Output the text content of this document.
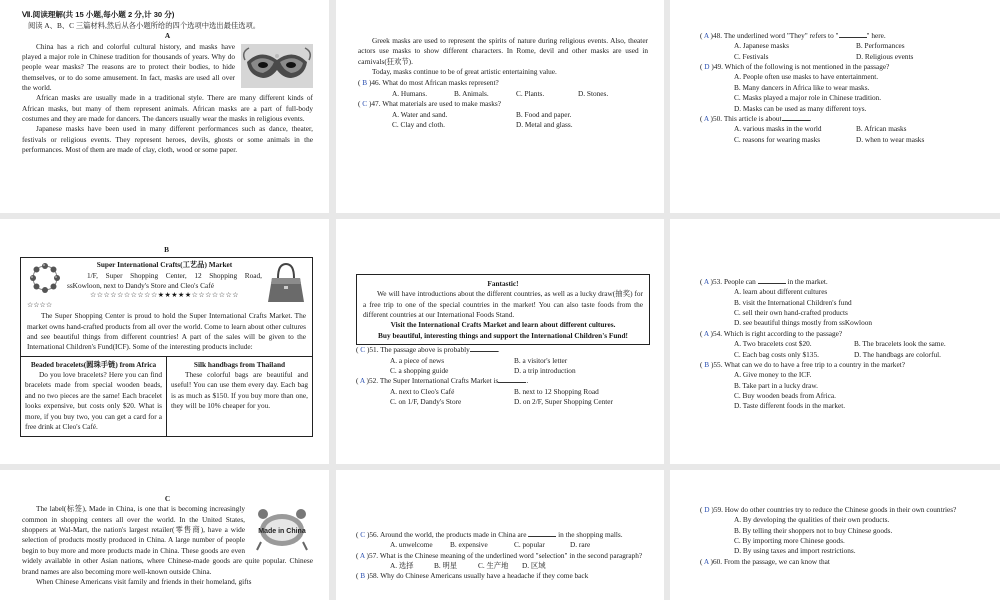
Ⅶ.阅读理解(共 15 小题,每小题 2 分,计 30 分)
阅读 A、B、C 三篇材料,然后从各小题所给的四个选项中选出最佳选项。
A

China has a rich and colorful cultural history, and masks have played a major role in Chinese tradition for thousands of years. Why do people wear masks? The reasons are to protect their bodies, to hide themselves, or to do some amusement. In fact, masks are used all over the world.

African masks are usually made in a traditional style. There are many different kinds of African masks, but many of them represent animals. African masks are a part of full-body costumes and they are made for dancers. The dancers usually wear the masks in religious events.

Japanese masks have been used in many different performances such as dance, theater, festivals or religious events. They represent heroes, devils, ghosts or some animals in the performances. Most of them are made of clay, cloth, wood or some paper.

Greek masks are used to represent the spirits of nature during religious events. Also, theater actors use masks to show different characters. In Rome, devil and other masks are used in carnivals(狂欢节).

Today, masks continue to be of great artistic entertaining value.

( B )46. What do most African masks represent?
A. Humans.	B. Animals.	C. Plants.	D. Stones.
( C )47. What materials are used to make masks?
A. Water and sand.	B. Food and paper.
C. Clay and cloth.	D. Metal and glass.
( A )48. The underlined word "They" refers to "	" here.
A. Japanese masks	B. Performances
C. Festivals	D. Religious events
( D )49. Which of the following is not mentioned in the passage?
A. People often use masks to have entertainment.
B. Many dancers in Africa like to wear masks.
C. Masks played a major role in Chinese tradition.
D. Masks can be used as many different toys.
( A )50. This article is about	.
A. various masks in the world	B. African masks
C. reasons for wearing masks	D. when to wear masks
B
Super International Crafts(工艺品) Market
1/F, Super Shopping Center, 12 Shopping Road, ssKowloon, next to Dandy's Store and Cleo's Café
☆☆☆☆☆☆☆☆☆☆★★★★★☆☆☆☆☆☆☆
☆☆☆☆

The Super Shopping Center is proud to hold the Super International Crafts Market. The market owns hand-crafted products from all over the world. Come to learn about other cultures and see beautiful things from different countries! A part of the sales will be given to the International Children's Fund(ICF). Some of the interesting products include:

Beaded bracelets(圆珠手链) from Africa

Do you love bracelets? Here you can find bracelets made from special wooden beads, and no two pieces are the same! Each bracelet looks expensive, but costs only $20. What is more, if you buy two, you can get a card for a free drink at Cleo's Café.

Silk handbags from Thailand

These colorful bags are beautiful and useful! You can use them every day. Each bag is as much as $150. If you buy more than one, they will be 10% cheaper for you.

Fantastic!

We will have introductions about the different countries, as well as a lucky draw(抽奖) for a free trip to one of the special countries in the market! You can also taste foods from the different countries at our International Foods Stand.

Visit the International Crafts Market and learn about different cultures.
Buy beautiful, interesting things and support the International Children's Fund!
( C )51. The passage above is probably	.
A. a piece of news	B. a visitor's letter
C. a shopping guide	D. a trip introduction
( A )52. The Super International Crafts Market is	.
A. next to Cleo's Café	B. next to 12 Shopping Road
C. on 1/F, Dandy's Store	D. on 2/F, Super Shopping Center
( A )53. People can	in the market.
A. learn about different cultures
B. visit the International Children's fund
C. sell their own hand-crafted products
D. see beautiful things mostly from ssKowloon
( A )54. Which is right according to the passage?
A. Two bracelets cost $20.	B. The bracelets look the same.
C. Each bag costs only $135.	D. The handbags are colorful.
( B )55. What can we do to have a free trip to a country in the market?
A. Give money to the ICF.
B. Take part in a lucky draw.
C. Buy wooden beads from Africa.
D. Taste different foods in the market.
C
Made in China

The label(标签), Made in China, is one that is becoming increasingly common in shopping centers all over the world. In the United States, shoppers at Wal-Mart, the nation's largest retailer(零售商), have a wide selection of products mostly produced in China. A large number of people begin to buy more and more products made in China. These goods are even widely available in other Asian nations, where Chinese-made goods are quite popular. Chinese brand names are also becoming more well-known outside China.

When Chinese Americans visit family and friends in their homeland, gifts

( C )56. Around the world, the products made in China are	in the shopping malls.
A. unwelcome	B. expensive	C. popular	D. rare
( A )57. What is the Chinese meaning of the underlined word "selection" in the second paragraph?
A. 选择	B. 明星	C. 生产地	D. 区域
( B )58. Why do Chinese Americans usually have a headache if they come back
( D )59. How do other countries try to reduce the Chinese goods in their own countries?
A. By developing the qualities of their own products.
B. By telling their shoppers not to buy Chinese goods.
C. By importing more Chinese goods.
D. By using taxes and import restrictions.
( A )60. From the passage, we can know that
